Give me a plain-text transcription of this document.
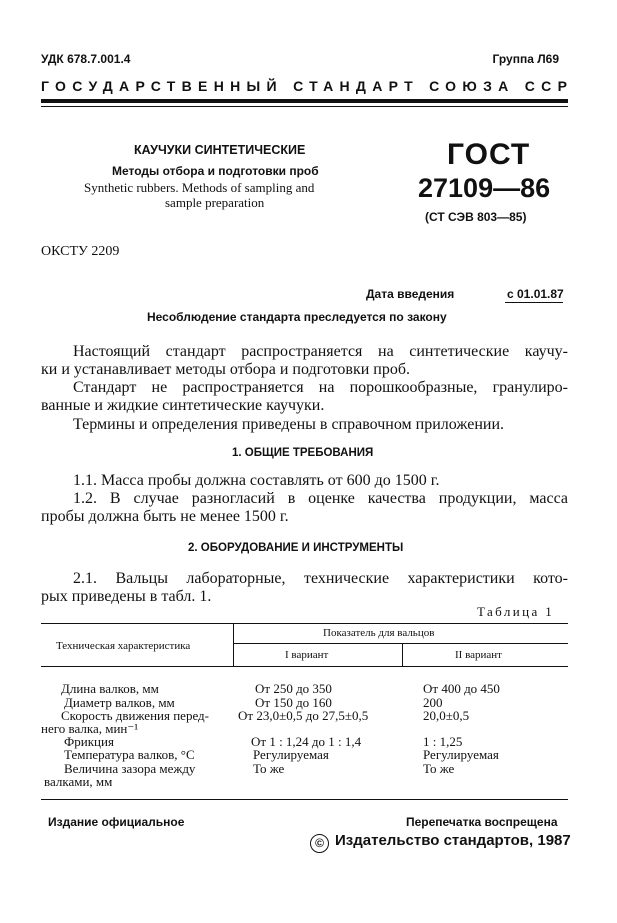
УДК 678.7.001.4	Группа Л69
ГОСУДАРСТВЕННЫЙ СТАНДАРТ СОЮЗА ССР
КАУЧУКИ СИНТЕТИЧЕСКИЕ
Методы отбора и подготовки проб
Synthetic rubbers. Methods of sampling and
sample preparation
ГОСТ
27109—86
(СТ СЭВ 803—85)
ОКСТУ 2209
Дата введения	с 01.01.87
Несоблюдение стандарта преследуется по закону
Настоящий стандарт распространяется на синтетические каучу-
ки и устанавливает методы отбора и подготовки проб.
Стандарт не распространяется на порошкообразные, гранулиро-
ванные и жидкие синтетические каучуки.
Термины и определения приведены в справочном приложении.
1. ОБЩИЕ ТРЕБОВАНИЯ
1.1. Масса пробы должна составлять от 600 до 1500 г.
1.2. В случае разногласий в оценке качества продукции, масса
пробы должна быть не менее 1500 г.
2. ОБОРУДОВАНИЕ И ИНСТРУМЕНТЫ
2.1. Вальцы лабораторные, технические характеристики кото-
рых приведены в табл. 1.
Таблица 1
Техническая характеристика
Показатель для вальцов
I вариант	II вариант
Длина валков, мм	От 250 до 350	От 400 до 450
Диаметр валков, мм	От 150 до 160	200
Скорость движения перед- От 23,0±0,5 до 27,5±0,5	20,0±0,5
него валка, мин⁻¹
Фрикция	От 1 : 1,24 до 1 : 1,4	1 : 1,25
Температура валков, °С	Регулируемая	Регулируемая
Величина зазора между	То же	То же
валками, мм
Издание официальное	Перепечатка воспрещена
© Издательство стандартов, 1987
